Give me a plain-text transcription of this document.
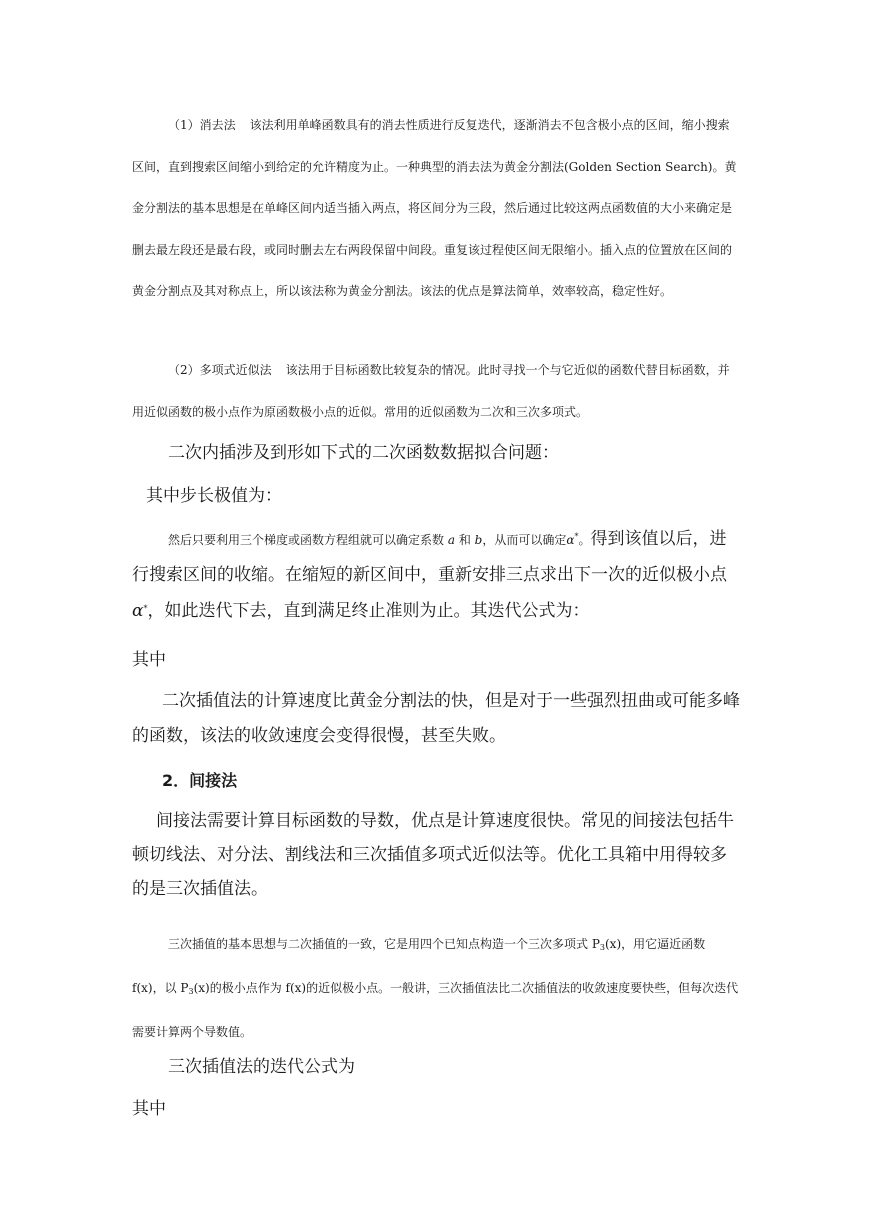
（1）消去法 该法利用单峰函数具有的消去性质进行反复迭代，逐渐消去不包含极小点的区间，缩小搜索区间，直到搜索区间缩小到给定的允许精度为止。一种典型的消去法为黄金分割法(Golden Section Search)。黄金分割法的基本思想是在单峰区间内适当插入两点，将区间分为三段，然后通过比较这两点函数值的大小来确定是删去最左段还是最右段，或同时删去左右两段保留中间段。重复该过程使区间无限缩小。插入点的位置放在区间的黄金分割点及其对称点上，所以该法称为黄金分割法。该法的优点是算法简单，效率较高，稳定性好。

（2）多项式近似法 该法用于目标函数比较复杂的情况。此时寻找一个与它近似的函数代替目标函数，并用近似函数的极小点作为原函数极小点的近似。常用的近似函数为二次和三次多项式。

二次内插涉及到形如下式的二次函数数据拟合问题：

其中步长极值为：

然后只要利用三个梯度或函数方程组就可以确定系数 a 和 b，从而可以确定α*。得到该值以后，进行搜索区间的收缩。在缩短的新区间中，重新安排三点求出下一次的近似极小点α*，如此迭代下去，直到满足终止准则为止。其迭代公式为：

其中

二次插值法的计算速度比黄金分割法的快，但是对于一些强烈扭曲或可能多峰的函数，该法的收敛速度会变得很慢，甚至失败。

2．间接法

间接法需要计算目标函数的导数，优点是计算速度很快。常见的间接法包括牛顿切线法、对分法、割线法和三次插值多项式近似法等。优化工具箱中用得较多的是三次插值法。

三次插值的基本思想与二次插值的一致，它是用四个已知点构造一个三次多项式 $P_3(x)$，用它逼近函数 f(x)，以 $P_3(x)$的极小点作为 f(x)的近似极小点。一般讲，三次插值法比二次插值法的收敛速度要快些，但每次迭代需要计算两个导数值。

三次插值法的迭代公式为

其中
